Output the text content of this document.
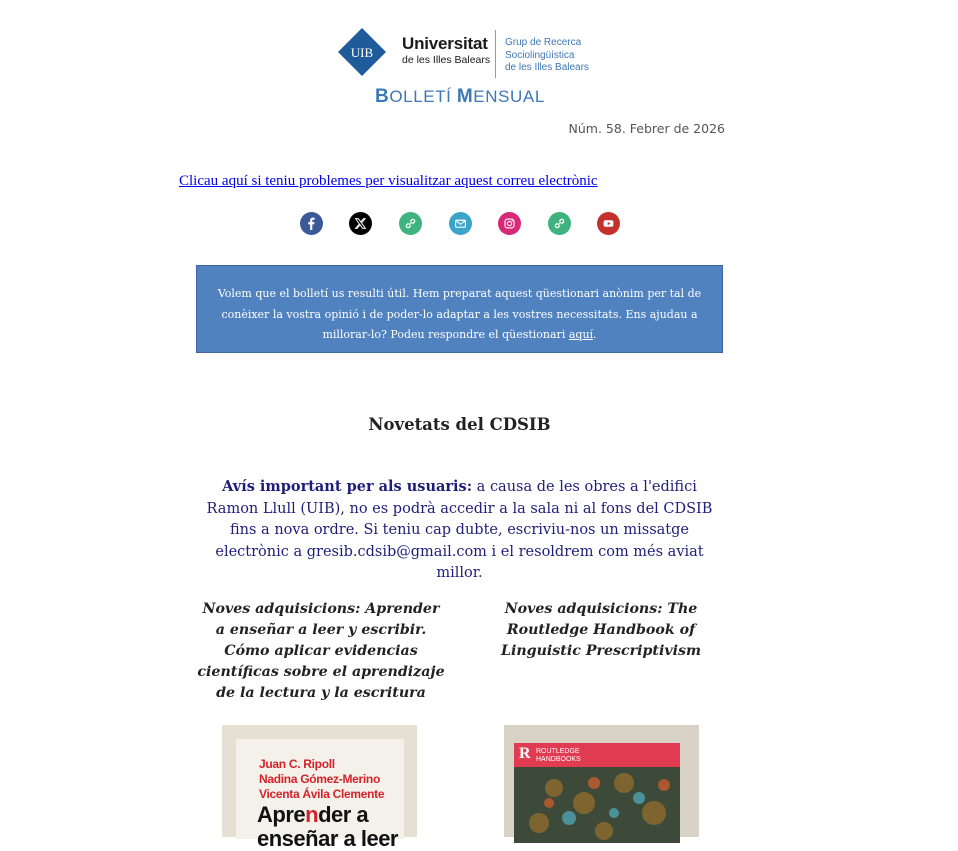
UIB Universitat
de les Illes Balears
Grup de Recerca
Sociolingüística
de les Illes Balears
BOLLETÍ MENSUAL
Núm. 58. Febrer de 2026
Clicau aquí si teniu problemes per visualitzar aquest correu electrònic

Volem que el bolletí us resulti útil. Hem preparat aquest qüestionari anònim per tal de conèixer la vostra opinió i de poder-lo adaptar a les vostres necessitats. Ens ajudau a millorar-lo? Podeu respondre el qüestionari aquí.

Novetats del CDSIB
Avís important per als usuaris: a causa de les obres a l'edifici Ramon Llull (UIB), no es podrà accedir a la sala ni al fons del CDSIB fins a nova ordre. Si teniu cap dubte, escriviu-nos un missatge electrònic a gresib.cdsib@gmail.com i el resoldrem com més aviat millor.
Noves adquisicions: Aprender a enseñar a leer y escribir. Cómo aplicar evidencias científicas sobre el aprendizaje de la lectura y la escritura
Noves adquisicions: The Routledge Handbook of Linguistic Prescriptivism
Juan C. Ripoll
Nadina Gómez-Merino
Vicenta Ávila Clemente
Aprender a
enseñar a leer
R ROUTLEDGE
HANDBOOKS
